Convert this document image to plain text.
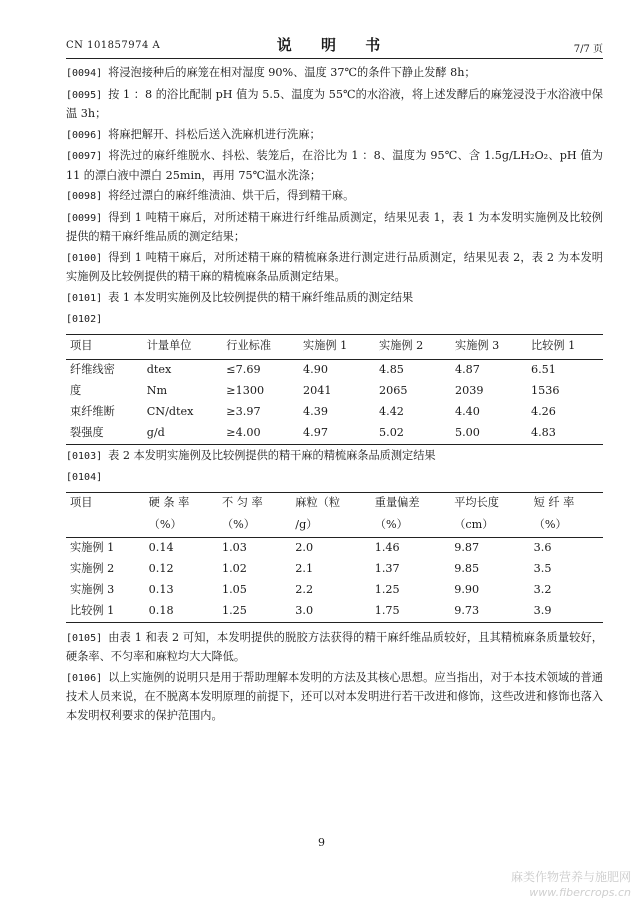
CN 101857974 A	说 明 书	7/7 页

[0094] 将浸泡接种后的麻笼在相对湿度 90%、温度 37℃的条件下静止发酵 8h；

[0095] 按 1 ：8 的浴比配制 pH 值为 5.5、温度为 55℃的水浴液，将上述发酵后的麻笼浸没于水浴液中保温 3h；

[0096] 将麻把解开、抖松后送入洗麻机进行洗麻；

[0097] 将洗过的麻纤维脱水、抖松、装笼后，在浴比为 1 ：8、温度为 95℃、含 1.5g/LH₂O₂、pH 值为 11 的漂白液中漂白 25min，再用 75℃温水洗涤；

[0098] 将经过漂白的麻纤维渍油、烘干后，得到精干麻。

[0099] 得到 1 吨精干麻后，对所述精干麻进行纤维品质测定，结果见表 1，表 1 为本发明实施例及比较例提供的精干麻纤维品质的测定结果；

[0100] 得到 1 吨精干麻后，对所述精干麻的精梳麻条进行测定进行品质测定，结果见表 2，表 2 为本发明实施例及比较例提供的精干麻的精梳麻条品质测定结果。

[0101] 表 1 本发明实施例及比较例提供的精干麻纤维品质的测定结果

[0102]

项目	计量单位	行业标准	实施例 1	实施例 2	实施例 3	比较例 1
纤维线密	dtex	≤7.69	4.90	4.85	4.87	6.51
度	Nm	≥1300	2041	2065	2039	1536
束纤维断	CN/dtex	≥3.97	4.39	4.42	4.40	4.26
裂强度	g/d	≥4.00	4.97	5.02	5.00	4.83

[0103] 表 2 本发明实施例及比较例提供的精干麻的精梳麻条品质测定结果

[0104]

项目	硬 条 率	不 匀 率	麻粒（粒	重量偏差	平均长度	短 纤 率
	（%）	（%）	/g）	（%）	（cm）	（%）
实施例 1	0.14	1.03	2.0	1.46	9.87	3.6
实施例 2	0.12	1.02	2.1	1.37	9.85	3.5
实施例 3	0.13	1.05	2.2	1.25	9.90	3.2
比较例 1	0.18	1.25	3.0	1.75	9.73	3.9

[0105] 由表 1 和表 2 可知，本发明提供的脱胶方法获得的精干麻纤维品质较好，且其精梳麻条质量较好，硬条率、不匀率和麻粒均大大降低。

[0106] 以上实施例的说明只是用于帮助理解本发明的方法及其核心思想。应当指出，对于本技术领域的普通技术人员来说，在不脱离本发明原理的前提下，还可以对本发明进行若干改进和修饰，这些改进和修饰也落入本发明权利要求的保护范围内。

9
麻类作物营养与施肥网
www.fibercrops.cn
